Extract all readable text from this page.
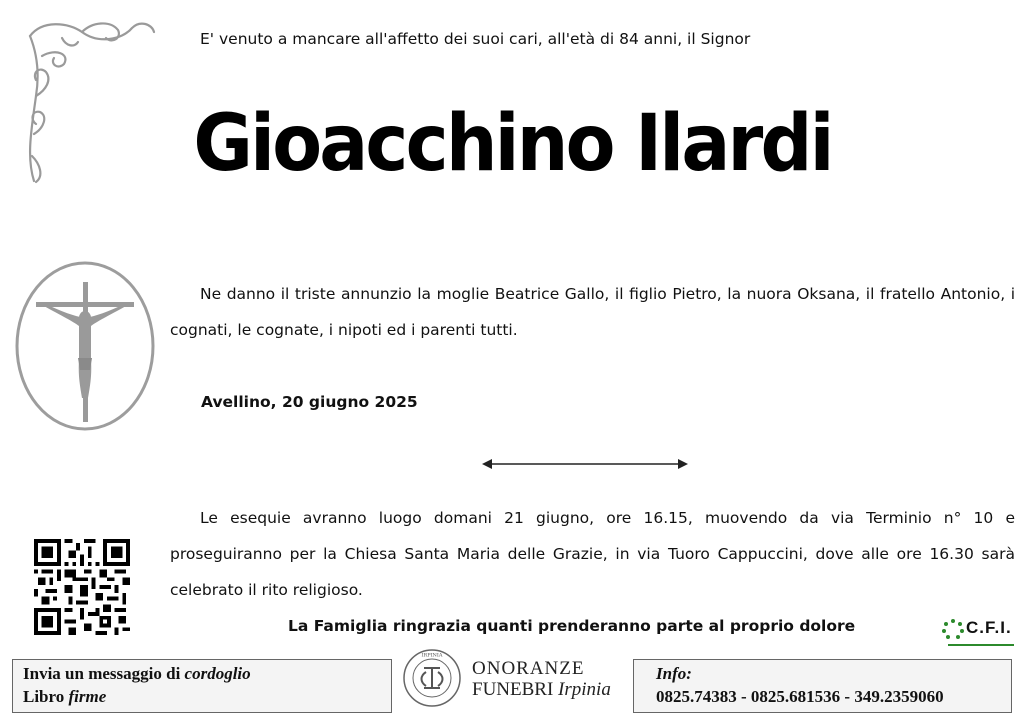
E' venuto a mancare all'affetto dei suoi cari, all'età di 84 anni, il Signor
Gioacchino Ilardi
Ne danno il triste annunzio la moglie Beatrice Gallo, il figlio Pietro, la nuora Oksana, il fratello Antonio, i cognati, le cognate, i nipoti ed i parenti tutti.
Avellino, 20 giugno 2025
Le esequie avranno luogo domani 21 giugno, ore 16.15, muovendo da via Terminio n° 10 e proseguiranno per la Chiesa Santa Maria delle Grazie, in via Tuoro Cappuccini, dove alle ore 16.30 sarà celebrato il rito religioso.
La Famiglia ringrazia quanti prenderanno parte al proprio dolore	C.F.I.
Invia un messaggio di cordoglio
Libro firme
IRPINIA
ONORANZE
FUNEBRI Irpinia
Info:
0825.74383 - 0825.681536 - 349.2359060
